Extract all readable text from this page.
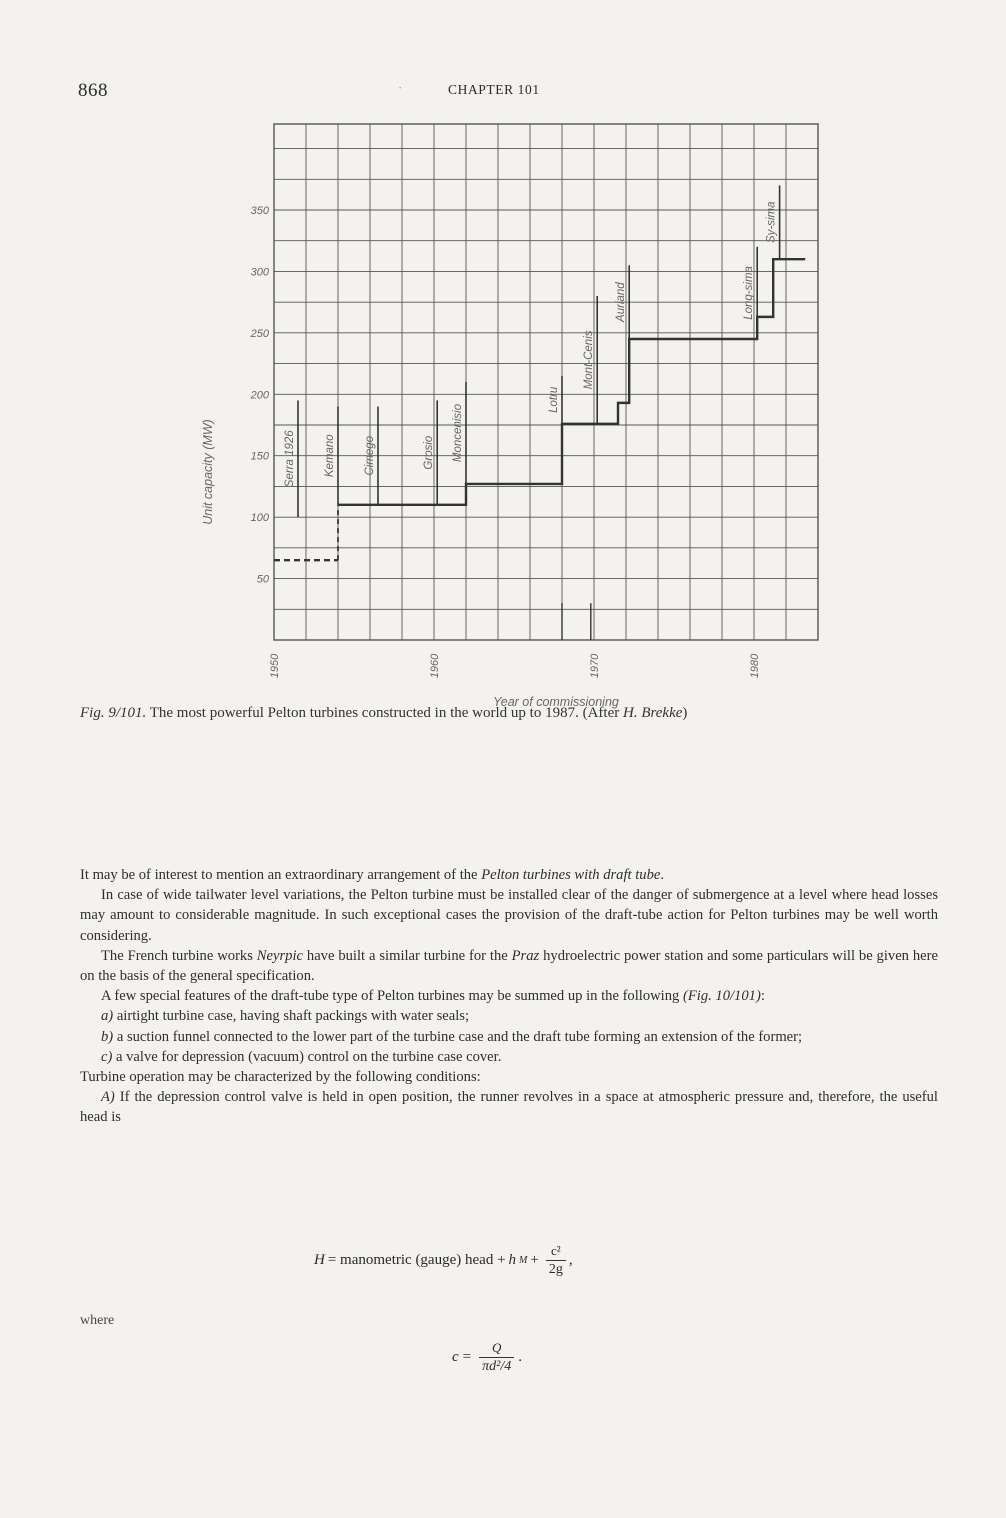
868	·	CHAPTER 101
Serra 1926 Kemano Cimego	Grosio Moncenisio
Lotru
Mont-Cenis
Aurland	Long-sima
Sy-sima
50
100
150
200
250
300
350
1950	1960	1970	1980
Year of commissioning
Unit capacity (MW)
Fig. 9/101. The most powerful Pelton turbines constructed in the world up to 1987. (After H. Brekke)

It may be of interest to mention an extraordinary arrangement of the Pelton turbines with draft tube.

In case of wide tailwater level variations, the Pelton turbine must be installed clear of the danger of submergence at a level where head losses may amount to considerable magnitude. In such exceptional cases the provision of the draft-tube action for Pelton turbines may be well worth considering.

The French turbine works Neyrpic have built a similar turbine for the Praz hydroelectric power station and some particulars will be given here on the basis of the general specification.

A few special features of the draft-tube type of Pelton turbines may be summed up in the following (Fig. 10/101):

a) airtight turbine case, having shaft packings with water seals;

b) a suction funnel connected to the lower part of the turbine case and the draft tube forming an extension of the former;

c) a valve for depression (vacuum) control on the turbine case cover.

Turbine operation may be characterized by the following conditions:

A) If the depression control valve is held in open position, the runner revolves in a space at atmospheric pressure and, therefore, the useful head is

H = manometric (gauge) head + h $M + \frac{\text{c²}}{2g}$ ,
where
$c = \frac{Q}{\text{πd²/4}}$ .
